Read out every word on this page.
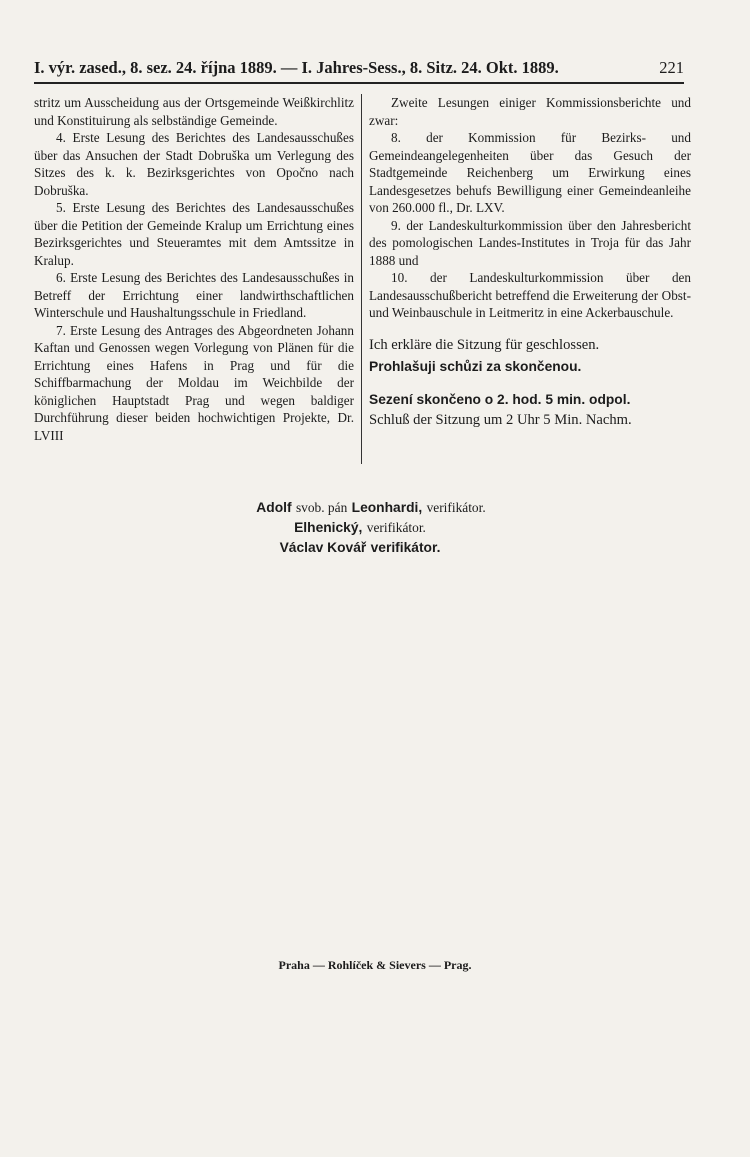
I. výr. zased., 8. sez. 24. října 1889. — I. Jahres-Sess., 8. Sitz. 24. Okt. 1889.	221

stritz um Ausscheidung aus der Ortsgemeinde Weißkirchlitz und Konstituirung als selbständige Gemeinde.

4. Erste Lesung des Berichtes des Landesausschußes über das Ansuchen der Stadt Dobruška um Verlegung des Sitzes des k. k. Bezirksgerichtes von Opočno nach Dobruška.

5. Erste Lesung des Berichtes des Landesausschußes über die Petition der Gemeinde Kralup um Errichtung eines Bezirksgerichtes und Steueramtes mit dem Amtssitze in Kralup.

6. Erste Lesung des Berichtes des Landesausschußes in Betreff der Errichtung einer landwirthschaftlichen Winterschule und Haushaltungsschule in Friedland.

7. Erste Lesung des Antrages des Abgeordneten Johann Kaftan und Genossen wegen Vorlegung von Plänen für die Errichtung eines Hafens in Prag und für die Schiffbarmachung der Moldau im Weichbilde der königlichen Hauptstadt Prag und wegen baldiger Durchführung dieser beiden hochwichtigen Projekte, Dr. LVIII

Zweite Lesungen einiger Kommissionsberichte und zwar:

8. der Kommission für Bezirks- und Gemeindeangelegenheiten über das Gesuch der Stadtgemeinde Reichenberg um Erwirkung eines Landesgesetzes behufs Bewilligung einer Gemeindeanleihe von 260.000 fl., Dr. LXV.

9. der Landeskulturkommission über den Jahresbericht des pomologischen Landes-Institutes in Troja für das Jahr 1888 und

10. der Landeskulturkommission über den Landesausschußbericht betreffend die Erweiterung der Obst- und Weinbauschule in Leitmeritz in eine Ackerbauschule.

Ich erkläre die Sitzung für geschlossen.

Prohlašuji schůzi za skončenou.

Sezení skončeno o 2. hod. 5 min. odpol.

Schluß der Sitzung um 2 Uhr 5 Min. Nachm.

Adolf svob. pán Leonhardi, verifikátor.
Elhenický, verifikátor.
Václav Kovář verifikátor.
Praha — Rohlíček & Sievers — Prag.
